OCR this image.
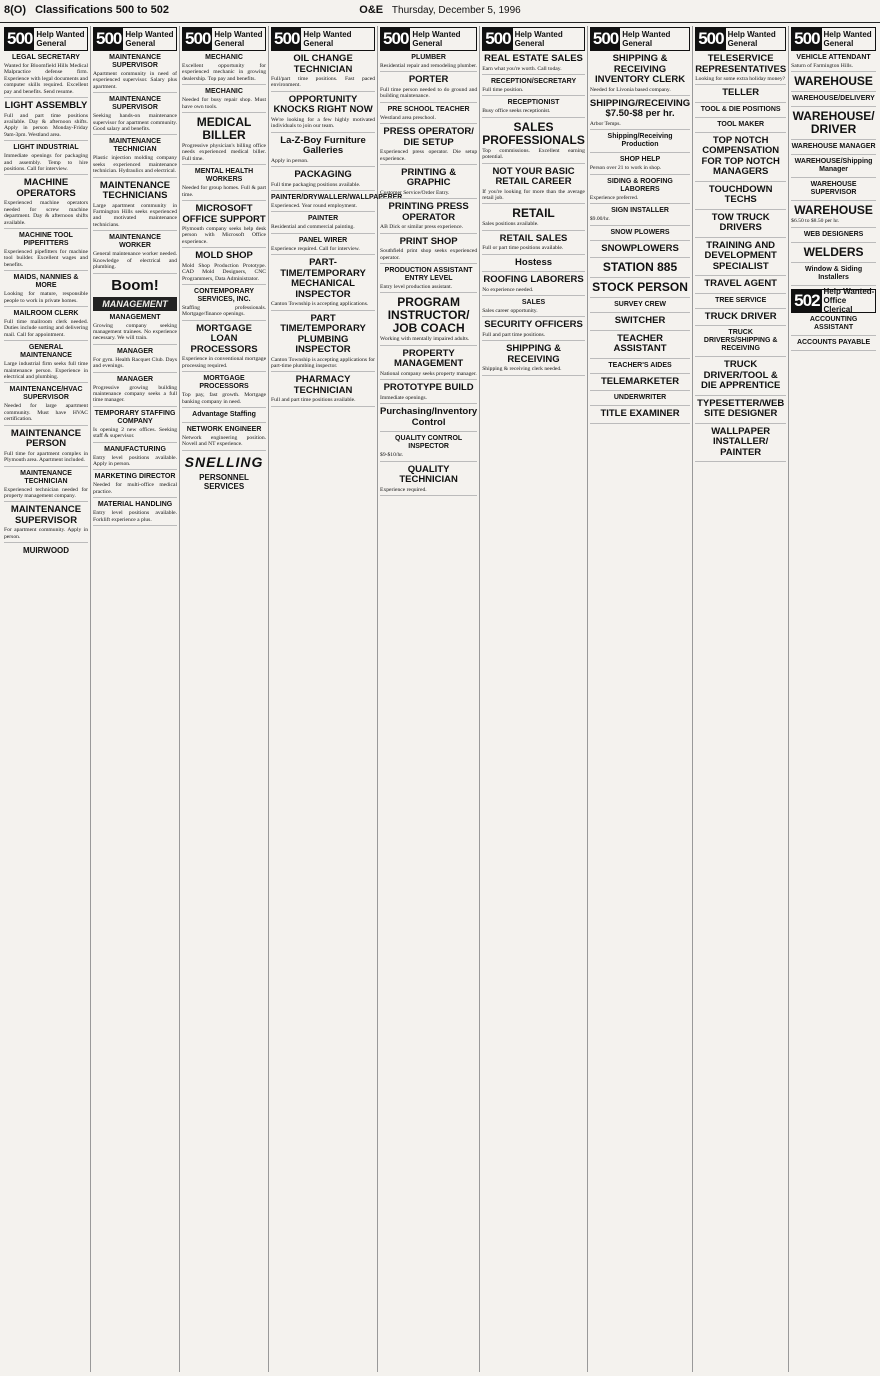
8(O) Classifications 500 to 502	O&E Thursday, December 5, 1996
500 Help Wanted General
LEGAL SECRETARY
Wanted for Bloomfield Hills Medical Malpractice defense firm. Experience with legal documents and computer skills required. Excellent pay and benefits. Send resume.
LIGHT ASSEMBLY
Full and part time positions available. Day & afternoon shifts. Apply in person Monday-Friday 9am-3pm. Westland area.
LIGHT INDUSTRIAL
Immediate openings for packaging and assembly. Temp to hire positions. Call for interview.
MACHINE OPERATORS
Experienced machine operators needed for screw machine department. Day & afternoon shifts available.
MACHINE TOOL PIPEFITTERS
Experienced pipefitters for machine tool builder. Excellent wages and benefits.
MAIDS, NANNIES & MORE
Looking for mature, responsible people to work in private homes.
MAILROOM CLERK
Full time mailroom clerk needed. Duties include sorting and delivering mail. Call for appointment.
GENERAL MAINTENANCE
Large industrial firm seeks full time maintenance person. Experience in electrical and plumbing.
MAINTENANCE/HVAC SUPERVISOR
Needed for large apartment community. Must have HVAC certification.
MAINTENANCE PERSON
Full time for apartment complex in Plymouth area. Apartment included.
MAINTENANCE TECHNICIAN
Experienced technician needed for property management company.
MAINTENANCE SUPERVISOR
For apartment community. Apply in person.
MUIRWOOD
500 Help Wanted General
MAINTENANCE SUPERVISOR
Apartment community in need of experienced supervisor. Salary plus apartment.
MAINTENANCE SUPERVISOR
Seeking hands-on maintenance supervisor for apartment community. Good salary and benefits.
MAINTENANCE TECHNICIAN
Plastic injection molding company seeks experienced maintenance technician. Hydraulics and electrical.
MAINTENANCE TECHNICIANS
Large apartment community in Farmington Hills seeks experienced and motivated maintenance technicians.
MAINTENANCE WORKER
General maintenance worker needed. Knowledge of electrical and plumbing.
Boom!
MANAGEMENT
MANAGEMENT
Growing company seeking management trainees. No experience necessary. We will train.
MANAGER
For gym. Health Racquet Club. Days and evenings.
MANAGER
Progressive growing building maintenance company seeks a full time manager.
TEMPORARY STAFFING COMPANY
Is opening 2 new offices. Seeking staff & supervisor.
MANUFACTURING
Entry level positions available. Apply in person.
MARKETING DIRECTOR
Needed for multi-office medical practice.
MATERIAL HANDLING
Entry level positions available. Forklift experience a plus.
500 Help Wanted General
MECHANIC
Excellent opportunity for experienced mechanic in growing dealership. Top pay and benefits.
MECHANIC
Needed for busy repair shop. Must have own tools.
MEDICAL BILLER
Progressive physician's billing office needs experienced medical biller. Full time.
MENTAL HEALTH WORKERS
Needed for group homes. Full & part time.
MICROSOFT OFFICE SUPPORT
Plymouth company seeks help desk person with Microsoft Office experience.
MOLD SHOP
Mold Shop Production Prototype. CAD Mold Designers, CNC Programmers, Data Administrator.
CONTEMPORARY SERVICES, INC.
Staffing professionals. Mortgage/finance openings.
MORTGAGE LOAN PROCESSORS
Experience in conventional mortgage processing required.
MORTGAGE PROCESSORS
Top pay, fast growth. Mortgage banking company in need.
Advantage Staffing
NETWORK ENGINEER
Network engineering position. Novell and NT experience.
SNELLING
PERSONNEL SERVICES
500 Help Wanted General
OIL CHANGE TECHNICIAN
Full/part time positions. Fast paced environment.
OPPORTUNITY KNOCKS RIGHT NOW
We're looking for a few highly motivated individuals to join our team.
La-Z-Boy Furniture Galleries
Apply in person.
PACKAGING
Full time packaging positions available.
PAINTER/DRYWALLER/WALLPAPERER
Experienced. Year round employment.
PAINTER
Residential and commercial painting.
PANEL WIRER
Experience required. Call for interview.
PART-TIME/TEMPORARY MECHANICAL INSPECTOR
Canton Township is accepting applications.
PART TIME/TEMPORARY PLUMBING INSPECTOR
Canton Township is accepting applications for part-time plumbing inspector.
PHARMACY TECHNICIAN
Full and part time positions available.
500 Help Wanted General
PLUMBER
Residential repair and remodeling plumber.
PORTER
Full time person needed to do ground and building maintenance.
PRE SCHOOL TEACHER
Westland area preschool.
PRESS OPERATOR/ DIE SETUP
Experienced press operator. Die setup experience.
PRINTING & GRAPHIC
Customer Service/Order Entry.
PRINTING PRESS OPERATOR
AB Dick or similar press experience.
PRINT SHOP
Southfield print shop seeks experienced operator.
PRODUCTION ASSISTANT ENTRY LEVEL
Entry level production assistant.
PROGRAM INSTRUCTOR/ JOB COACH
Working with mentally impaired adults.
PROPERTY MANAGEMENT
National company seeks property manager.
PROTOTYPE BUILD
Immediate openings.
Purchasing/Inventory Control
QUALITY CONTROL INSPECTOR
$9-$10/hr.
QUALITY TECHNICIAN
Experience required.
500 Help Wanted General
REAL ESTATE SALES
Earn what you're worth. Call today.
RECEPTION/SECRETARY
Full time position.
RECEPTIONIST
Busy office seeks receptionist.
SALES PROFESSIONALS
Top commissions. Excellent earning potential.
NOT YOUR BASIC RETAIL CAREER
If you're looking for more than the average retail job.
RETAIL
Sales positions available.
RETAIL SALES
Full or part time positions available.
Hostess
ROOFING LABORERS
No experience needed.
SALES
Sales career opportunity.
SECURITY OFFICERS
Full and part time positions.
SHIPPING & RECEIVING
Shipping & receiving clerk needed.
500 Help Wanted General
SHIPPING & RECEIVING INVENTORY CLERK
Needed for Livonia based company.
SHIPPING/RECEIVING $7.50-$8 per hr.
Arbor Temps.
Shipping/Receiving Production
SHOP HELP
Person over 21 to work in shop.
SIDING & ROOFING LABORERS
Experience preferred.
SIGN INSTALLER
$9.00/hr.
SNOW PLOWERS
SNOWPLOWERS
STATION 885
STOCK PERSON
SURVEY CREW
SWITCHER
TEACHER ASSISTANT
TEACHER'S AIDES
TELEMARKETER
UNDERWRITER
TITLE EXAMINER
500 Help Wanted General
TELESERVICE REPRESENTATIVES
Looking for some extra holiday money?
TELLER
TOOL & DIE POSITIONS
TOOL MAKER
TOP NOTCH COMPENSATION FOR TOP NOTCH MANAGERS
TOUCHDOWN TECHS
TOW TRUCK DRIVERS
TRAINING AND DEVELOPMENT SPECIALIST
TRAVEL AGENT
TREE SERVICE
TRUCK DRIVER
TRUCK DRIVERS/SHIPPING & RECEIVING
TRUCK DRIVER/TOOL & DIE APPRENTICE
TYPESETTER/WEB SITE DESIGNER
WALLPAPER INSTALLER/ PAINTER
500 Help Wanted General
VEHICLE ATTENDANT
Saturn of Farmington Hills.
WAREHOUSE
WAREHOUSE/DELIVERY
WAREHOUSE/ DRIVER
WAREHOUSE MANAGER
WAREHOUSE/Shipping Manager
WAREHOUSE SUPERVISOR
WAREHOUSE
$6.50 to $8.50 per hr.
WEB DESIGNERS
WELDERS
Window & Siding Installers
502 Help Wanted-Office Clerical
ACCOUNTING ASSISTANT
ACCOUNTS PAYABLE
